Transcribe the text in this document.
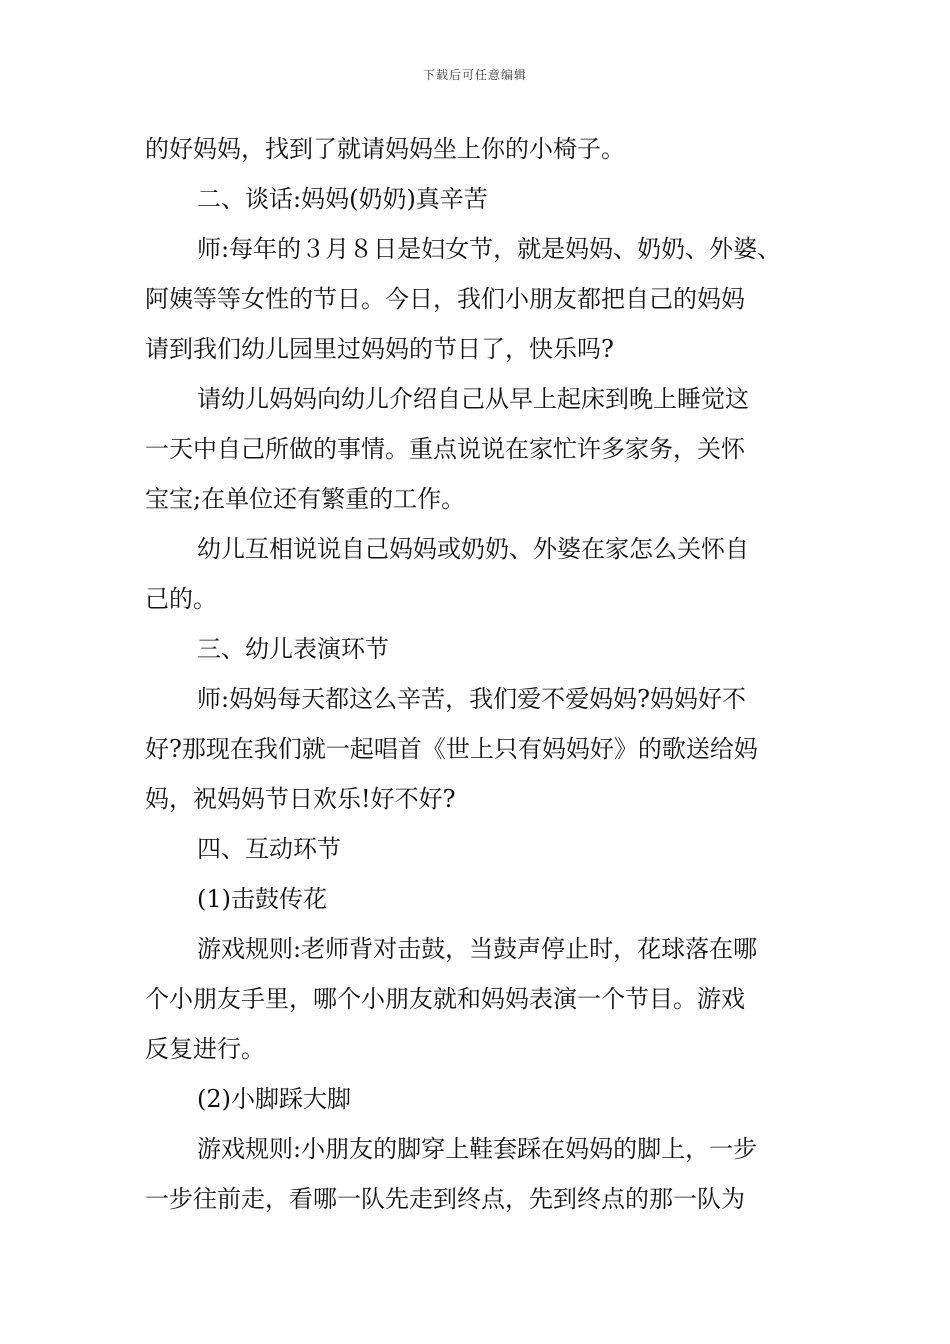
下载后可任意编辑

的好妈妈，找到了就请妈妈坐上你的小椅子。

二、谈话:妈妈(奶奶)真辛苦

师:每年的３月８日是妇女节，就是妈妈、奶奶、外婆、

阿姨等等女性的节日。今日，我们小朋友都把自己的妈妈

请到我们幼儿园里过妈妈的节日了，快乐吗?

请幼儿妈妈向幼儿介绍自己从早上起床到晚上睡觉这

一天中自己所做的事情。重点说说在家忙许多家务，关怀

宝宝;在单位还有繁重的工作。

幼儿互相说说自己妈妈或奶奶、外婆在家怎么关怀自

己的。

三、幼儿表演环节

师:妈妈每天都这么辛苦，我们爱不爱妈妈?妈妈好不

好?那现在我们就一起唱首《世上只有妈妈好》的歌送给妈

妈，祝妈妈节日欢乐!好不好?

四、互动环节

(1)击鼓传花

游戏规则:老师背对击鼓，当鼓声停止时，花球落在哪

个小朋友手里，哪个小朋友就和妈妈表演一个节目。游戏

反复进行。

(2)小脚踩大脚

游戏规则:小朋友的脚穿上鞋套踩在妈妈的脚上，一步

一步往前走，看哪一队先走到终点，先到终点的那一队为
